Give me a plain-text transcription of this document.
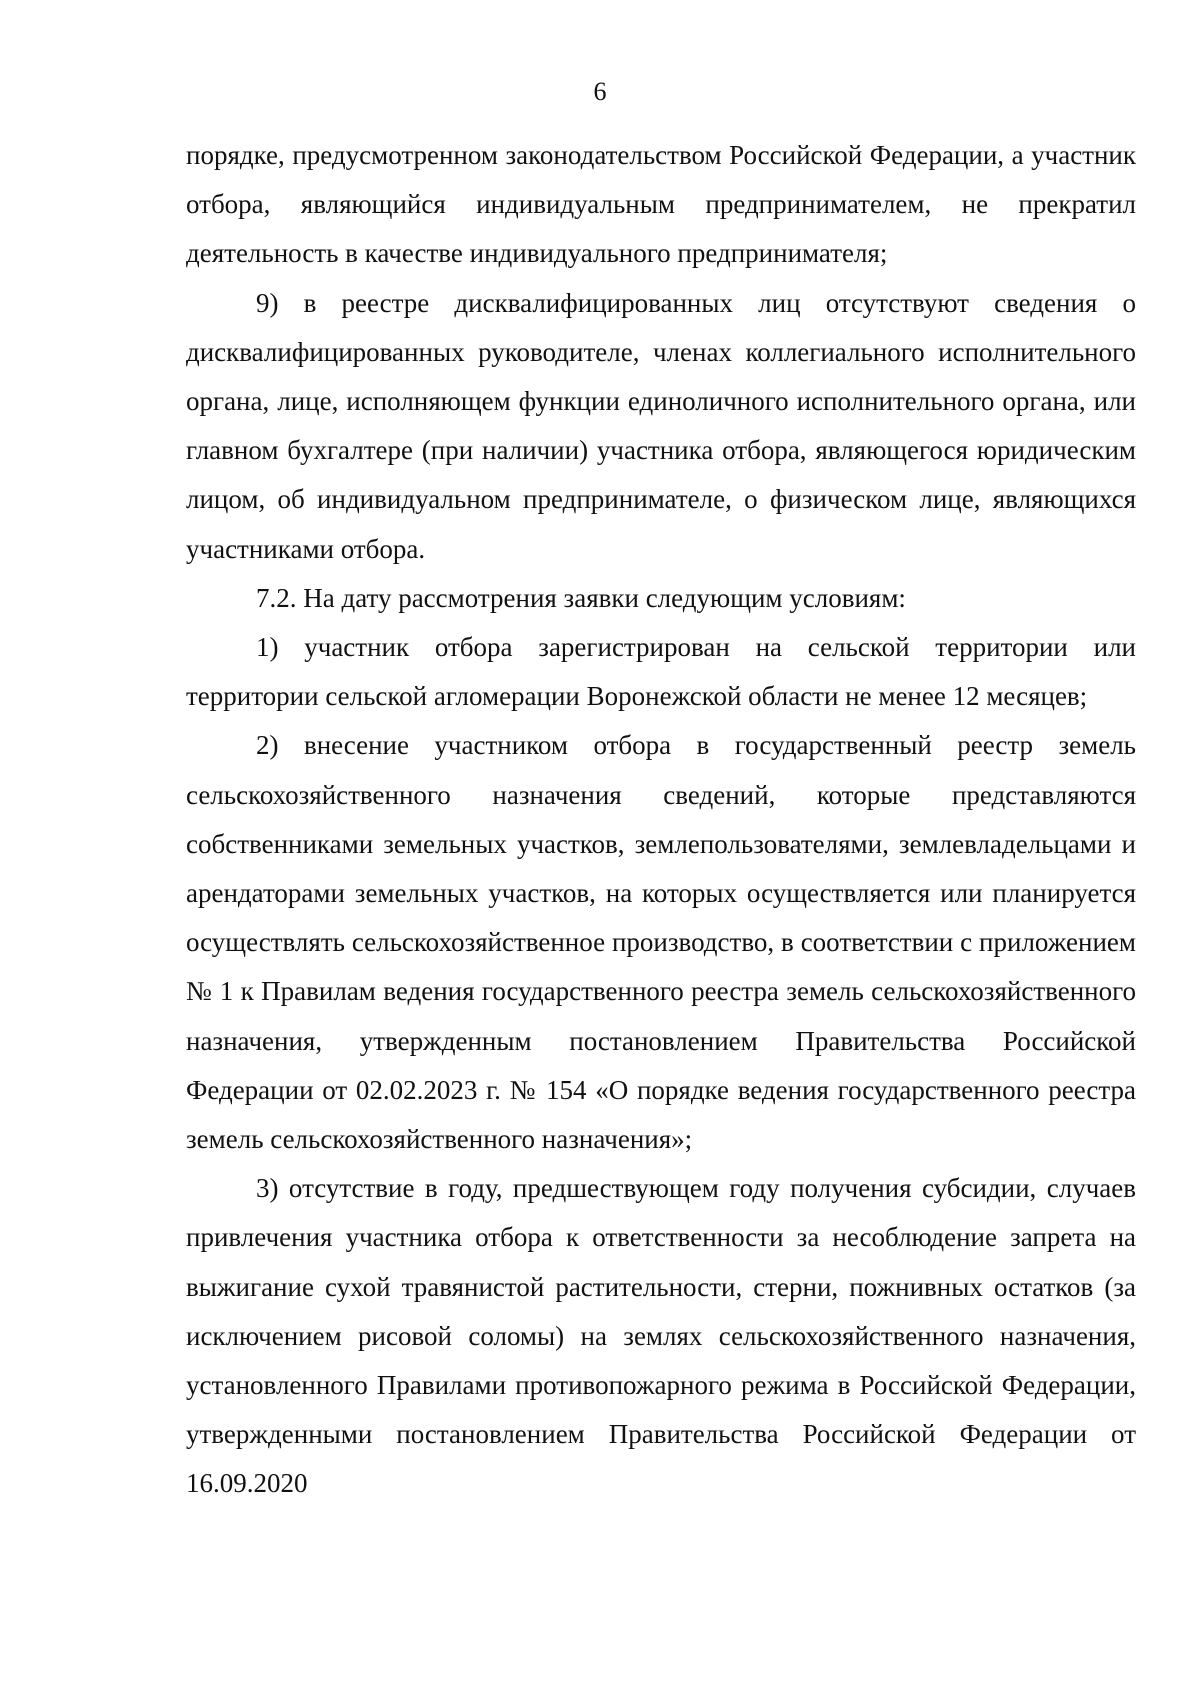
6

порядке, предусмотренном законодательством Российской Федерации, а участник отбора, являющийся индивидуальным предпринимателем, не прекратил деятельность в качестве индивидуального предпринимателя;

9) в реестре дисквалифицированных лиц отсутствуют сведения о дисквалифицированных руководителе, членах коллегиального исполнительного органа, лице, исполняющем функции единоличного исполнительного органа, или главном бухгалтере (при наличии) участника отбора, являющегося юридическим лицом, об индивидуальном предпринимателе, о физическом лице, являющихся участниками отбора.

7.2. На дату рассмотрения заявки следующим условиям:

1) участник отбора зарегистрирован на сельской территории или территории сельской агломерации Воронежской области не менее 12 месяцев;

2) внесение участником отбора в государственный реестр земель сельскохозяйственного назначения сведений, которые представляются собственниками земельных участков, землепользователями, землевладельцами и арендаторами земельных участков, на которых осуществляется или планируется осуществлять сельскохозяйственное производство, в соответствии с приложением № 1 к Правилам ведения государственного реестра земель сельскохозяйственного назначения, утвержденным постановлением Правительства Российской Федерации от 02.02.2023 г. № 154 «О порядке ведения государственного реестра земель сельскохозяйственного назначения»;

3) отсутствие в году, предшествующем году получения субсидии, случаев привлечения участника отбора к ответственности за несоблюдение запрета на выжигание сухой травянистой растительности, стерни, пожнивных остатков (за исключением рисовой соломы) на землях сельскохозяйственного назначения, установленного Правилами противопожарного режима в Российской Федерации, утвержденными постановлением Правительства Российской Федерации от 16.09.2020
